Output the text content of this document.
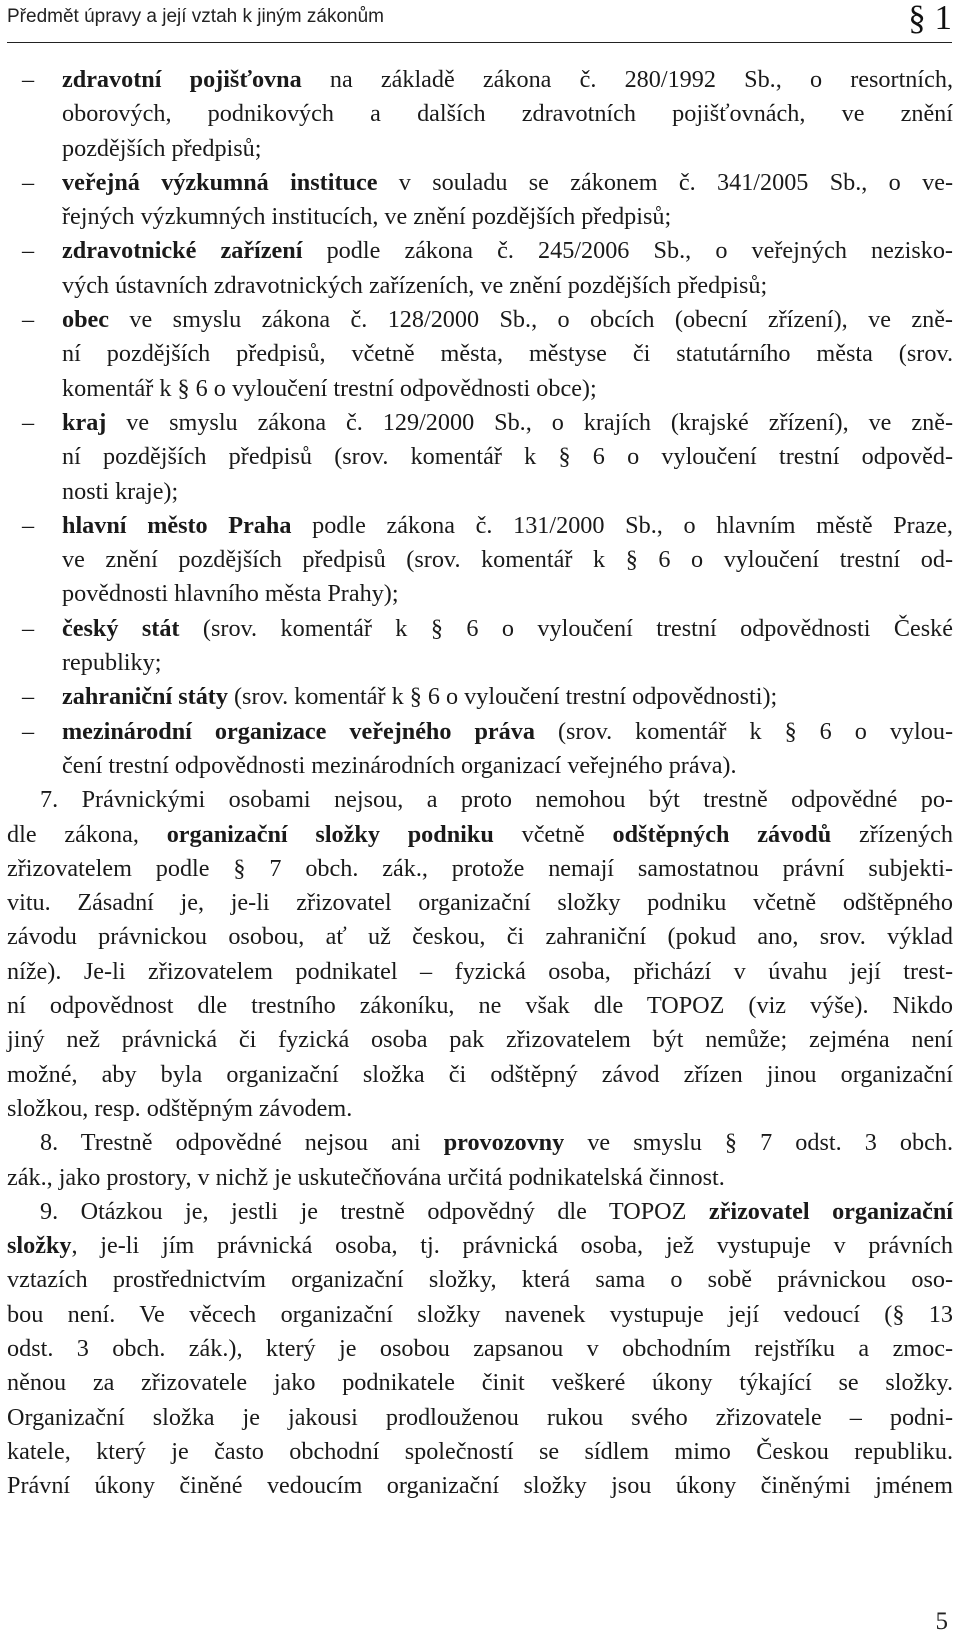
Předmět úpravy a její vztah k jiným zákonům	§ 1
– zdravotní pojišťovna na základě zákona č. 280/1992 Sb., o resortních,
oborových, podnikových a dalších zdravotních pojišťovnách, ve znění
pozdějších předpisů;
– veřejná výzkumná instituce v souladu se zákonem č. 341/2005 Sb., o ve-
řejných výzkumných institucích, ve znění pozdějších předpisů;
– zdravotnické zařízení podle zákona č. 245/2006 Sb., o veřejných nezisko-
vých ústavních zdravotnických zařízeních, ve znění pozdějších předpisů;
– obec ve smyslu zákona č. 128/2000 Sb., o obcích (obecní zřízení), ve zně-
ní pozdějších předpisů, včetně města, městyse či statutárního města (srov.
komentář k § 6 o vyloučení trestní odpovědnosti obce);
– kraj ve smyslu zákona č. 129/2000 Sb., o krajích (krajské zřízení), ve zně-
ní pozdějších předpisů (srov. komentář k § 6 o vyloučení trestní odpověd-
nosti kraje);
– hlavní město Praha podle zákona č. 131/2000 Sb., o hlavním městě Praze,
ve znění pozdějších předpisů (srov. komentář k § 6 o vyloučení trestní od-
povědnosti hlavního města Prahy);
– český stát (srov. komentář k § 6 o vyloučení trestní odpovědnosti České
republiky;
– zahraniční státy (srov. komentář k § 6 o vyloučení trestní odpovědnosti);
– mezinárodní organizace veřejného práva (srov. komentář k § 6 o vylou-
čení trestní odpovědnosti mezinárodních organizací veřejného práva).
7. Právnickými osobami nejsou, a proto nemohou být trestně odpovědné po-
dle zákona, organizační složky podniku včetně odštěpných závodů zřízených
zřizovatelem podle § 7 obch. zák., protože nemají samostatnou právní subjekti-
vitu. Zásadní je, je-li zřizovatel organizační složky podniku včetně odštěpného
závodu právnickou osobou, ať už českou, či zahraniční (pokud ano, srov. výklad
níže). Je-li zřizovatelem podnikatel – fyzická osoba, přichází v úvahu její trest-
ní odpovědnost dle trestního zákoníku, ne však dle TOPOZ (viz výše). Nikdo
jiný než právnická či fyzická osoba pak zřizovatelem být nemůže; zejména není
možné, aby byla organizační složka či odštěpný závod zřízen jinou organizační
složkou, resp. odštěpným závodem.
8. Trestně odpovědné nejsou ani provozovny ve smyslu § 7 odst. 3 obch.
zák., jako prostory, v nichž je uskutečňována určitá podnikatelská činnost.
9. Otázkou je, jestli je trestně odpovědný dle TOPOZ zřizovatel organizační
složky, je-li jím právnická osoba, tj. právnická osoba, jež vystupuje v právních
vztazích prostřednictvím organizační složky, která sama o sobě právnickou oso-
bou není. Ve věcech organizační složky navenek vystupuje její vedoucí (§ 13
odst. 3 obch. zák.), který je osobou zapsanou v obchodním rejstříku a zmoc-
něnou za zřizovatele jako podnikatele činit veškeré úkony týkající se složky.
Organizační složka je jakousi prodlouženou rukou svého zřizovatele – podni-
katele, který je často obchodní společností se sídlem mimo Českou republiku.
Právní úkony činěné vedoucím organizační složky jsou úkony činěnými jménem
5
